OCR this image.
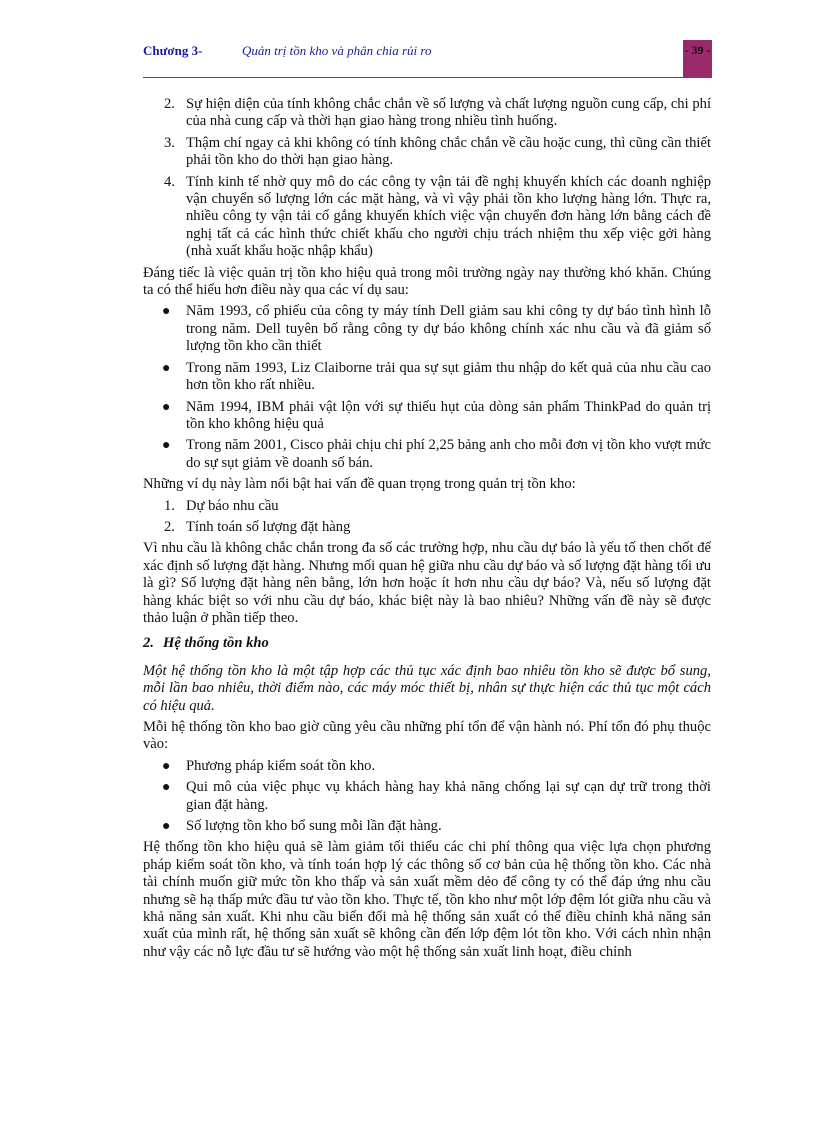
Chương 3-	Quản trị tồn kho và phân chia rủi ro	- 39 -
2. Sự hiện diện của tính không chắc chắn về số lượng và chất lượng nguồn cung cấp, chi phí của nhà cung cấp và thời hạn giao hàng trong nhiều tình huống.
3. Thậm chí ngay cả khi không có tính không chắc chắn về cầu hoặc cung, thì cũng cần thiết phải tồn kho do thời hạn giao hàng.
4. Tính kinh tế nhờ quy mô do các công ty vận tải đề nghị khuyến khích các doanh nghiệp vận chuyển số lượng lớn các mặt hàng, và vì vậy phải tồn kho lượng hàng lớn. Thực ra, nhiều công ty vận tải cố gắng khuyến khích việc vận chuyển đơn hàng lớn bằng cách đề nghị tất cả các hình thức chiết khấu cho người chịu trách nhiệm thu xếp việc gởi hàng (nhà xuất khẩu hoặc nhập khẩu)

Đáng tiếc là việc quản trị tồn kho hiệu quả trong môi trường ngày nay thường khó khăn. Chúng ta có thể hiểu hơn điều này qua các ví dụ sau:

● Năm 1993, cổ phiếu của công ty máy tính Dell giảm sau khi công ty dự báo tình hình lỗ trong năm. Dell tuyên bố rằng công ty dự báo không chính xác nhu cầu và đã giảm số lượng tồn kho cần thiết
● Trong năm 1993, Liz Claiborne trải qua sự sụt giảm thu nhập do kết quả của nhu cầu cao hơn tồn kho rất nhiều.
● Năm 1994, IBM phải vật lộn với sự thiếu hụt của dòng sản phẩm ThinkPad do quản trị tồn kho không hiệu quả
● Trong năm 2001, Cisco phải chịu chi phí 2,25 bảng anh cho mỗi đơn vị tồn kho vượt mức do sự sụt giảm về doanh số bán.

Những ví dụ này làm nổi bật hai vấn đề quan trọng trong quản trị tồn kho:

1. Dự báo nhu cầu
2. Tính toán số lượng đặt hàng

Vì nhu cầu là không chắc chắn trong đa số các trường hợp, nhu cầu dự báo là yếu tố then chốt để xác định số lượng đặt hàng. Nhưng mối quan hệ giữa nhu cầu dự báo và số lượng đặt hàng tối ưu là gì? Số lượng đặt hàng nên bằng, lớn hơn hoặc ít hơn nhu cầu dự báo? Và, nếu số lượng đặt hàng khác biệt so với nhu cầu dự báo, khác biệt này là bao nhiêu? Những vấn đề này sẽ được thảo luận ở phần tiếp theo.

2. Hệ thống tồn kho

Một hệ thống tồn kho là một tập hợp các thủ tục xác định bao nhiêu tồn kho sẽ được bổ sung, mỗi lần bao nhiêu, thời điểm nào, các máy móc thiết bị, nhân sự thực hiện các thủ tục một cách có hiệu quả.

Mỗi hệ thống tồn kho bao giờ cũng yêu cầu những phí tổn để vận hành nó. Phí tổn đó phụ thuộc vào:

● Phương pháp kiểm soát tồn kho.
● Qui mô của việc phục vụ khách hàng hay khả năng chống lại sự cạn dự trữ trong thời gian đặt hàng.
● Số lượng tồn kho bổ sung mỗi lần đặt hàng.

Hệ thống tồn kho hiệu quả sẽ làm giảm tối thiểu các chi phí thông qua việc lựa chọn phương pháp kiểm soát tồn kho, và tính toán hợp lý các thông số cơ bản của hệ thống tồn kho. Các nhà tài chính muốn giữ mức tồn kho thấp và sản xuất mềm dẻo để công ty có thể đáp ứng nhu cầu nhưng sẽ hạ thấp mức đầu tư vào tồn kho. Thực tế, tồn kho như một lớp đệm lót giữa nhu cầu và khả năng sản xuất. Khi nhu cầu biến đổi mà hệ thống sản xuất có thể điều chỉnh khả năng sản xuất của mình rất, hệ thống sản xuất sẽ không cần đến lớp đệm lót tồn kho. Với cách nhìn nhận như vậy các nỗ lực đầu tư sẽ hướng vào một hệ thống sản xuất linh hoạt, điều chỉnh
